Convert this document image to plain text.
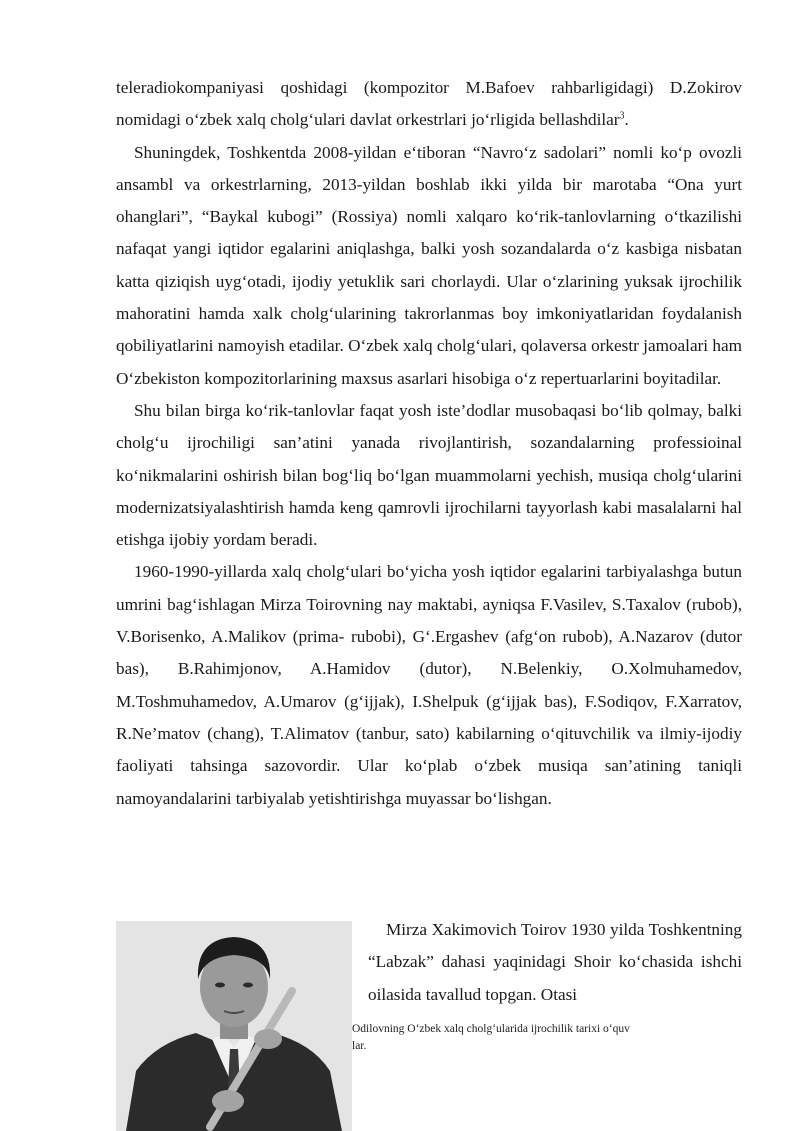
teleradiokompaniyasi qoshidagi (kompozitor M.Bafoev rahbarligidagi) D.Zokirov nomidagi o‘zbek xalq cholg‘ulari davlat orkestrlari jo‘rligida bellashdilar$^3$.

Shuningdek, Toshkentda 2008-yildan e‘tiboran “Navro‘z sadolari” nomli ko‘p ovozli ansambl va orkestrlarning, 2013-yildan boshlab ikki yilda bir marotaba “Ona yurt ohanglari”, “Baykal kubogi” (Rossiya) nomli xalqaro ko‘rik-tanlovlarning o‘tkazilishi nafaqat yangi iqtidor egalarini aniqlashga, balki yosh sozandalarda o‘z kasbiga nisbatan katta qiziqish uyg‘otadi, ijodiy yetuklik sari chorlaydi. Ular o‘zlarining yuksak ijrochilik mahoratini hamda xalk cholg‘ularining takrorlanmas boy imkoniyatlaridan foydalanish qobiliyatlarini namoyish etadilar. O‘zbek xalq cholg‘ulari, qolaversa orkestr jamoalari ham O‘zbekiston kompozitorlarining maxsus asarlari hisobiga o‘z repertuarlarini boyitadilar.

Shu bilan birga ko‘rik-tanlovlar faqat yosh iste’dodlar musobaqasi bo‘lib qolmay, balki cholg‘u ijrochiligi san’atini yanada rivojlantirish, sozandalarning professioinal ko‘nikmalarini oshirish bilan bog‘liq bo‘lgan muammolarni yechish, musiqa cholg‘ularini modernizatsiyalashtirish hamda keng qamrovli ijrochilarni tayyorlash kabi masalalarni hal etishga ijobiy yordam beradi.

1960-1990-yillarda xalq cholg‘ulari bo‘yicha yosh iqtidor egalarini tarbiyalashga butun umrini bag‘ishlagan Mirza Toirovning nay maktabi, ayniqsa F.Vasilev, S.Taxalov (rubob), V.Borisenko, A.Malikov (prima- rubobi), G‘.Ergashev (afg‘on rubob), A.Nazarov (dutor bas), B.Rahimjonov, A.Hamidov (dutor), N.Belenkiy, O.Xolmuhamedov, M.Toshmuhamedov, A.Umarov (g‘ijjak), I.Shelpuk (g‘ijjak bas), F.Sodiqov, F.Xarratov, R.Ne’matov (chang), T.Alimatov (tanbur, sato) kabilarning o‘qituvchilik va ilmiy-ijodiy faoliyati tahsinga sazovordir. Ular ko‘plab o‘zbek musiqa san’atining taniqli namoyandalarini tarbiyalab yetishtirishga muyassar bo‘lishgan.

Mirza Xakimovich Toirov 1930 yilda Toshkentning “Labzak” dahasi yaqinidagi Shoir ko‘chasida ishchi oilasida tavallud topgan. Otasi

Odilovning O‘zbek xalq cholg‘ularida ijrochilik tarixi o‘quv
lar.
